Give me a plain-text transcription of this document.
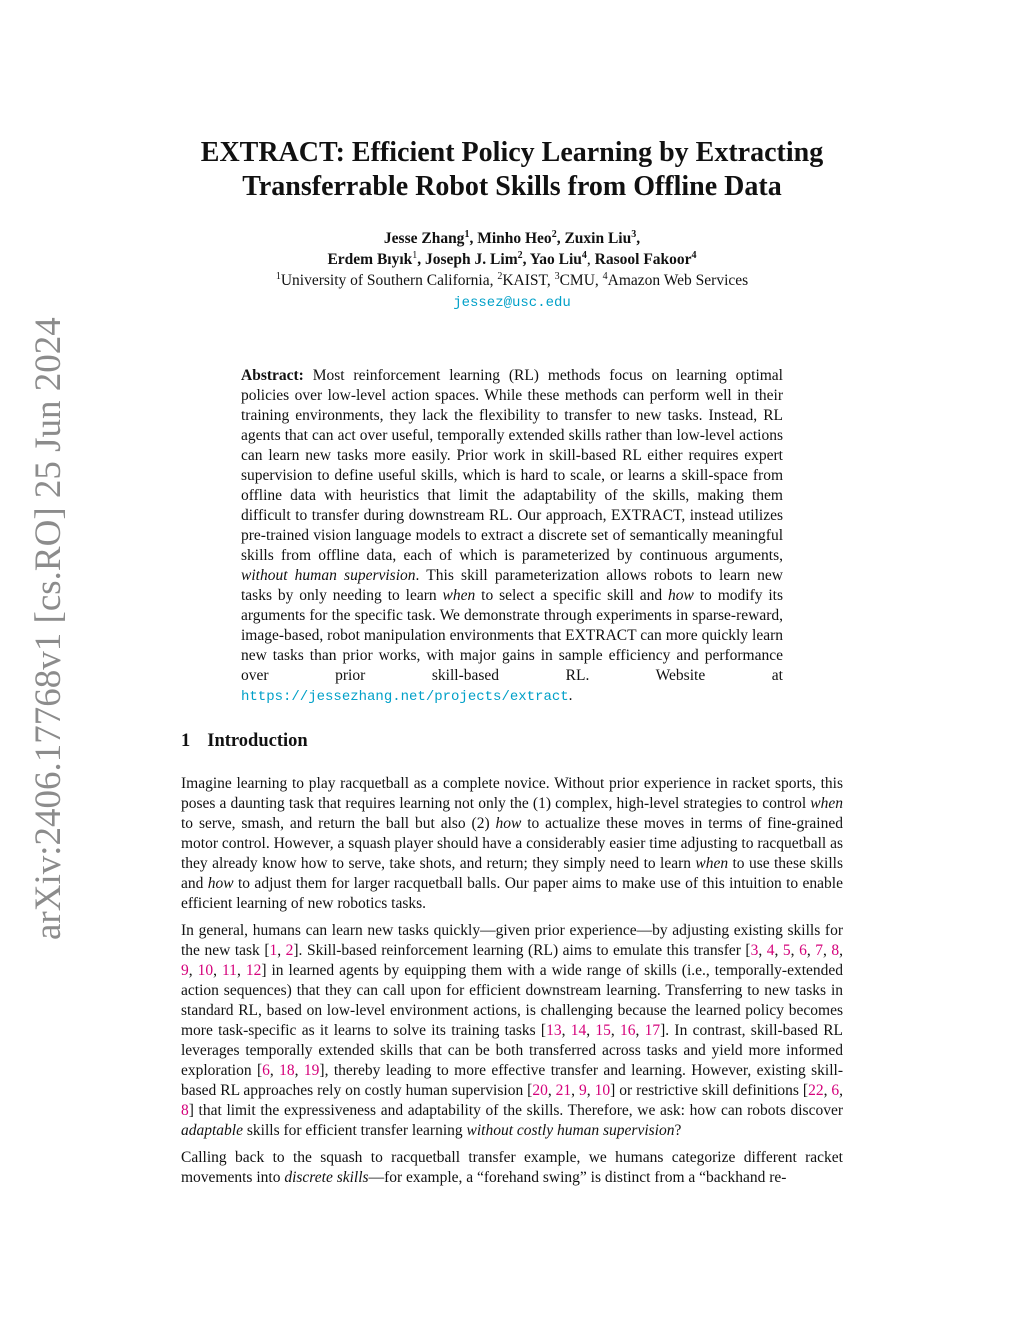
arXiv:2406.17768v1 [cs.RO] 25 Jun 2024
EXTRACT: Efficient Policy Learning by Extracting
Transferrable Robot Skills from Offline Data
Jesse Zhang$^1$, Minho Heo$^2$, Zuxin Liu$^3$,
Erdem Bıyık$^1$, Joseph J. Lim$^2$, Yao Liu$^4$, Rasool Fakoor$^4$
$^1$University of Southern California, $^2$KAIST, $^3$CMU, $^4$Amazon Web Services
jessez@usc.edu

Abstract: Most reinforcement learning (RL) methods focus on learning optimal policies over low-level action spaces. While these methods can perform well in their training environments, they lack the flexibility to transfer to new tasks. Instead, RL agents that can act over useful, temporally extended skills rather than low-level actions can learn new tasks more easily. Prior work in skill-based RL either requires expert supervision to define useful skills, which is hard to scale, or learns a skill-space from offline data with heuristics that limit the adaptability of the skills, making them difficult to transfer during downstream RL. Our approach, EXTRACT, instead utilizes pre-trained vision language models to extract a discrete set of semantically meaningful skills from offline data, each of which is parameterized by continuous arguments, without human supervision. This skill parameterization allows robots to learn new tasks by only needing to learn when to select a specific skill and how to modify its arguments for the specific task. We demonstrate through experiments in sparse-reward, image-based, robot manipulation environments that EXTRACT can more quickly learn new tasks than prior works, with major gains in sample efficiency and performance over prior skill-based RL. Website at https://jessezhang.net/projects/extract.

1 Introduction

Imagine learning to play racquetball as a complete novice. Without prior experience in racket sports, this poses a daunting task that requires learning not only the (1) complex, high-level strategies to control when to serve, smash, and return the ball but also (2) how to actualize these moves in terms of fine-grained motor control. However, a squash player should have a considerably easier time adjusting to racquetball as they already know how to serve, take shots, and return; they simply need to learn when to use these skills and how to adjust them for larger racquetball balls. Our paper aims to make use of this intuition to enable efficient learning of new robotics tasks.

In general, humans can learn new tasks quickly—given prior experience—by adjusting existing skills for the new task [1, 2]. Skill-based reinforcement learning (RL) aims to emulate this transfer [3, 4, 5, 6, 7, 8, 9, 10, 11, 12] in learned agents by equipping them with a wide range of skills (i.e., temporally-extended action sequences) that they can call upon for efficient downstream learning. Transferring to new tasks in standard RL, based on low-level environment actions, is challenging because the learned policy becomes more task-specific as it learns to solve its training tasks [13, 14, 15, 16, 17]. In contrast, skill-based RL leverages temporally extended skills that can be both transferred across tasks and yield more informed exploration [6, 18, 19], thereby leading to more effective transfer and learning. However, existing skill-based RL approaches rely on costly human supervision [20, 21, 9, 10] or restrictive skill definitions [22, 6, 8] that limit the expressiveness and adaptability of the skills. Therefore, we ask: how can robots discover adaptable skills for efficient transfer learning without costly human supervision?

Calling back to the squash to racquetball transfer example, we humans categorize different racket movements into discrete skills—for example, a “forehand swing” is distinct from a “backhand re-
